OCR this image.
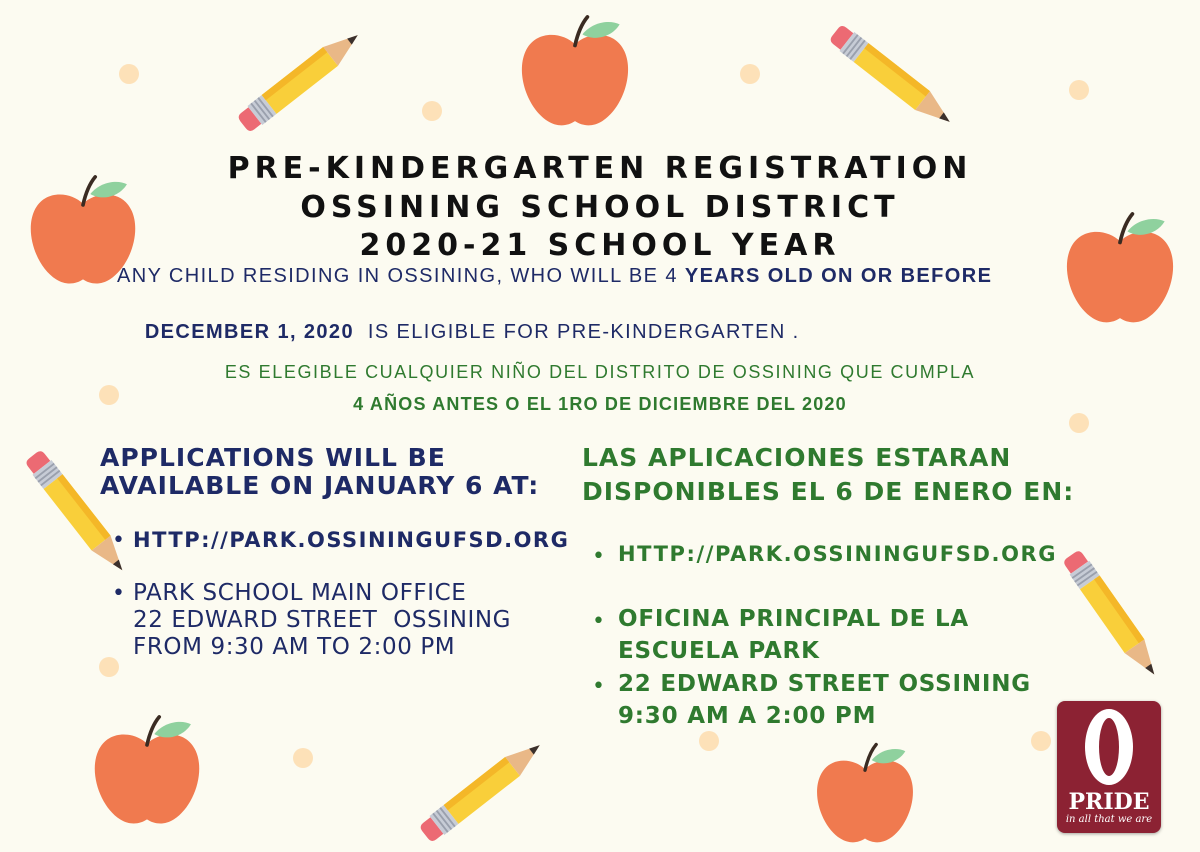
PRE-KINDERGARTEN REGISTRATION
OSSINING SCHOOL DISTRICT
2020-21 SCHOOL YEAR

ANY CHILD RESIDING IN OSSINING, WHO WILL BE 4 YEARS OLD ON OR BEFORE

DECEMBER 1, 2020  IS ELIGIBLE FOR PRE-KINDERGARTEN .

ES ELEGIBLE CUALQUIER NIÑO DEL DISTRITO DE OSSINING QUE CUMPLA

4 AÑOS ANTES O EL 1RO DE DICIEMBRE DEL 2020

APPLICATIONS WILL BE
AVAILABLE ON JANUARY 6 AT:
• HTTP://PARK.OSSININGUFSD.ORG
• PARK SCHOOL MAIN OFFICE

22 EDWARD STREET  OSSINING

FROM 9:30 AM TO 2:00 PM

LAS APLICACIONES ESTARAN
DISPONIBLES EL 6 DE ENERO EN:
• HTTP://PARK.OSSININGUFSD.ORG
• OFICINA PRINCIPAL DE LA

ESCUELA PARK

• 22 EDWARD STREET OSSINING

9:30 AM A 2:00 PM

PRIDE
in all that we are
